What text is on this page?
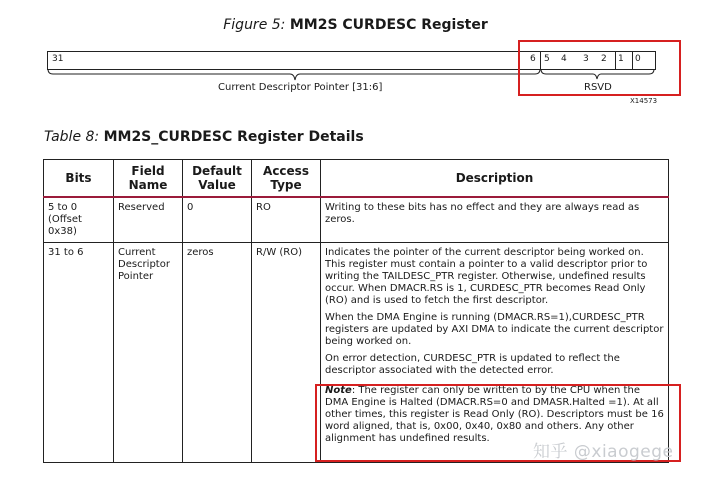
Figure 5: MM2S CURDESC Register
31	6 5 4 3 2 1 0
Current Descriptor Pointer [31:6]	RSVD
X14573
Table 8: MM2S_CURDESC Register Details
Bits	Field Name	Default Value	Access Type	Description
5 to 0 (Offset 0x38)	Reserved	0	RO	Writing to these bits has no effect and they are always read as zeros.

31 to 6	Current Descriptor Pointer	zeros	R/W (RO)	Indicates the pointer of the current descriptor being worked on. This register must contain a pointer to a valid descriptor prior to writing the TAILDESC_PTR register. Otherwise, undefined results occur. When DMACR.RS is 1, CURDESC_PTR becomes Read Only (RO) and is used to fetch the first descriptor.

When the DMA Engine is running (DMACR.RS=1),CURDESC_PTR registers are updated by AXI DMA to indicate the current descriptor being worked on.

On error detection, CURDESC_PTR is updated to reflect the descriptor associated with the detected error.

Note: The register can only be written to by the CPU when the DMA Engine is Halted (DMACR.RS=0 and DMASR.Halted =1). At all other times, this register is Read Only (RO). Descriptors must be 16 word aligned, that is, 0x00, 0x40, 0x80 and others. Any other alignment has undefined results.

知乎 @xiaogege
